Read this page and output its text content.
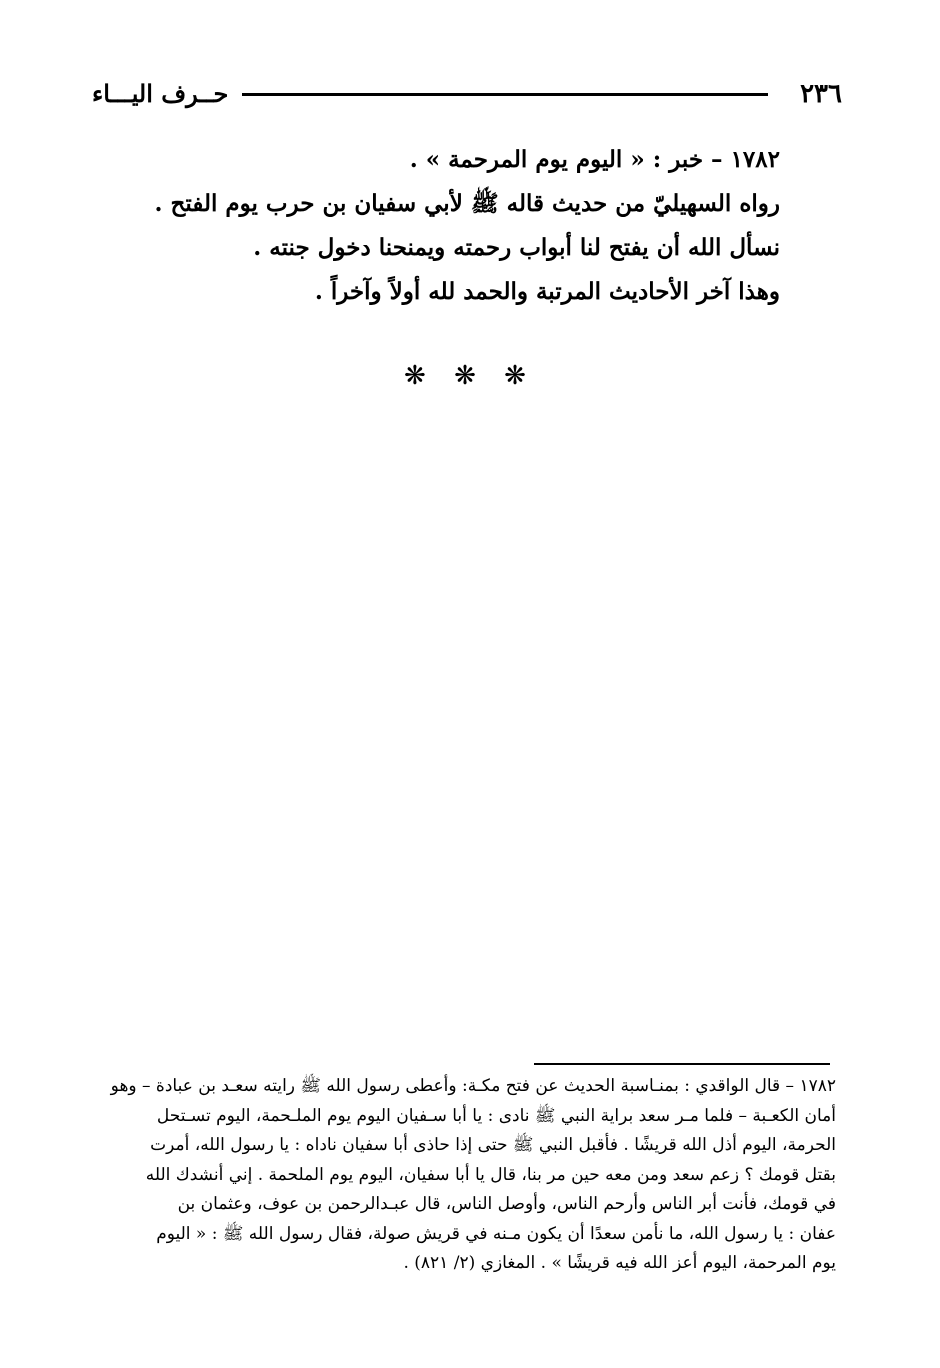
٢٣٦
حــرف اليـــاء
١٧٨٢ – خبر : « اليوم يوم المرحمة » .
رواه السهيليّ من حديث قاله ﷺ لأبي سفيان بن حرب يوم الفتح .
نسأل الله أن يفتح لنا أبواب رحمته ويمنحنا دخول جنته .
وهذا آخر الأحاديث المرتبة والحمد لله أولاً وآخراً .
❋ ❋ ❋
١٧٨٢ – قال الواقدي : بمنـاسبة الحديث عن فتح مكـة: وأعطى رسول الله ﷺ رايته سعـد بن عبادة – وهو
أمان الكعـبة – فلما مـر سعد براية النبي ﷺ نادى : يا أبا سـفيان اليوم يوم الملـحمة، اليوم تسـتحل
الحرمة، اليوم أذل الله قريشًا . فأقبل النبي ﷺ حتى إذا حاذى أبا سفيان ناداه : يا رسول الله، أمرت
بقتل قومك ؟ زعم سعد ومن معه حين مر بنا، قال يا أبا سفيان، اليوم يوم الملحمة . إني أنشدك الله
في قومك، فأنت أبر الناس وأرحم الناس، وأوصل الناس، قال عبـدالرحمن بن عوف، وعثمان بن
عفان : يا رسول الله، ما نأمن سعدًا أن يكون مـنه في قريش صولة، فقال رسول الله ﷺ : « اليوم
يوم المرحمة، اليوم أعز الله فيه قريشًا » . المغازي (٢/ ٨٢١) .
